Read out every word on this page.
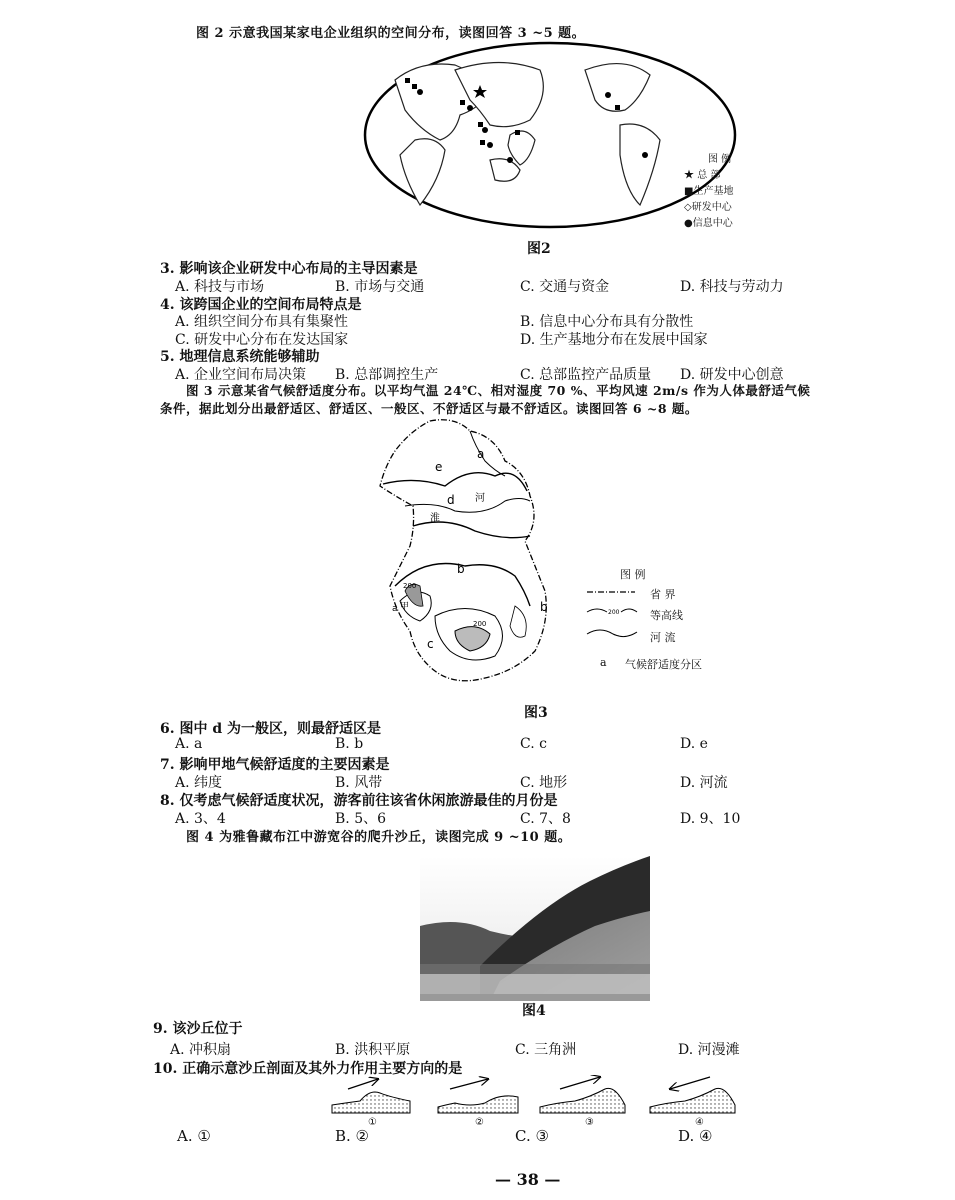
图 2 示意我国某家电企业组织的空间分布，读图回答 3 ~5 题。
图 例
★ 总 部
■生产基地
◇研发中心
●信息中心
图2
3. 影响该企业研发中心布局的主导因素是
A. 科技与市场	B. 市场与交通	C. 交通与资金	D. 科技与劳动力
4. 该跨国企业的空间布局特点是
A. 组织空间分布具有集聚性	B. 信息中心分布具有分散性
C. 研发中心分布在发达国家	D. 生产基地分布在发展中国家
5. 地理信息系统能够辅助
A. 企业空间布局决策 B. 总部调控生产	C. 总部监控产品质量 D. 研发中心创意
图 3 示意某省气候舒适度分布。以平均气温 24℃、相对湿度 70 %、平均风速 2m/s 作为人体最舒适气候
条件，据此划分出最舒适区、舒适区、一般区、不舒适区与最不舒适区。读图回答 6 ~8 题。
a
e
d 河
淮
b
b
c
a 甲
200
200
图 例
200
省 界
等高线
河 流
a 气候舒适度分区
图3
6. 图中 d 为一般区，则最舒适区是
A. a	B. b	C. c	D. e
7. 影响甲地气候舒适度的主要因素是
A. 纬度	B. 风带	C. 地形	D. 河流
8. 仅考虑气候舒适度状况，游客前往该省休闲旅游最佳的月份是
A. 3、4	B. 5、6	C. 7、8	D. 9、10
图 4 为雅鲁藏布江中游宽谷的爬升沙丘，读图完成 9 ~10 题。
图4
9. 该沙丘位于
A. 冲积扇	B. 洪积平原	C. 三角洲	D. 河漫滩
10. 正确示意沙丘剖面及其外力作用主要方向的是
①	②	③	④
A. ①	B. ②	C. ③	D. ④
— 38 —
